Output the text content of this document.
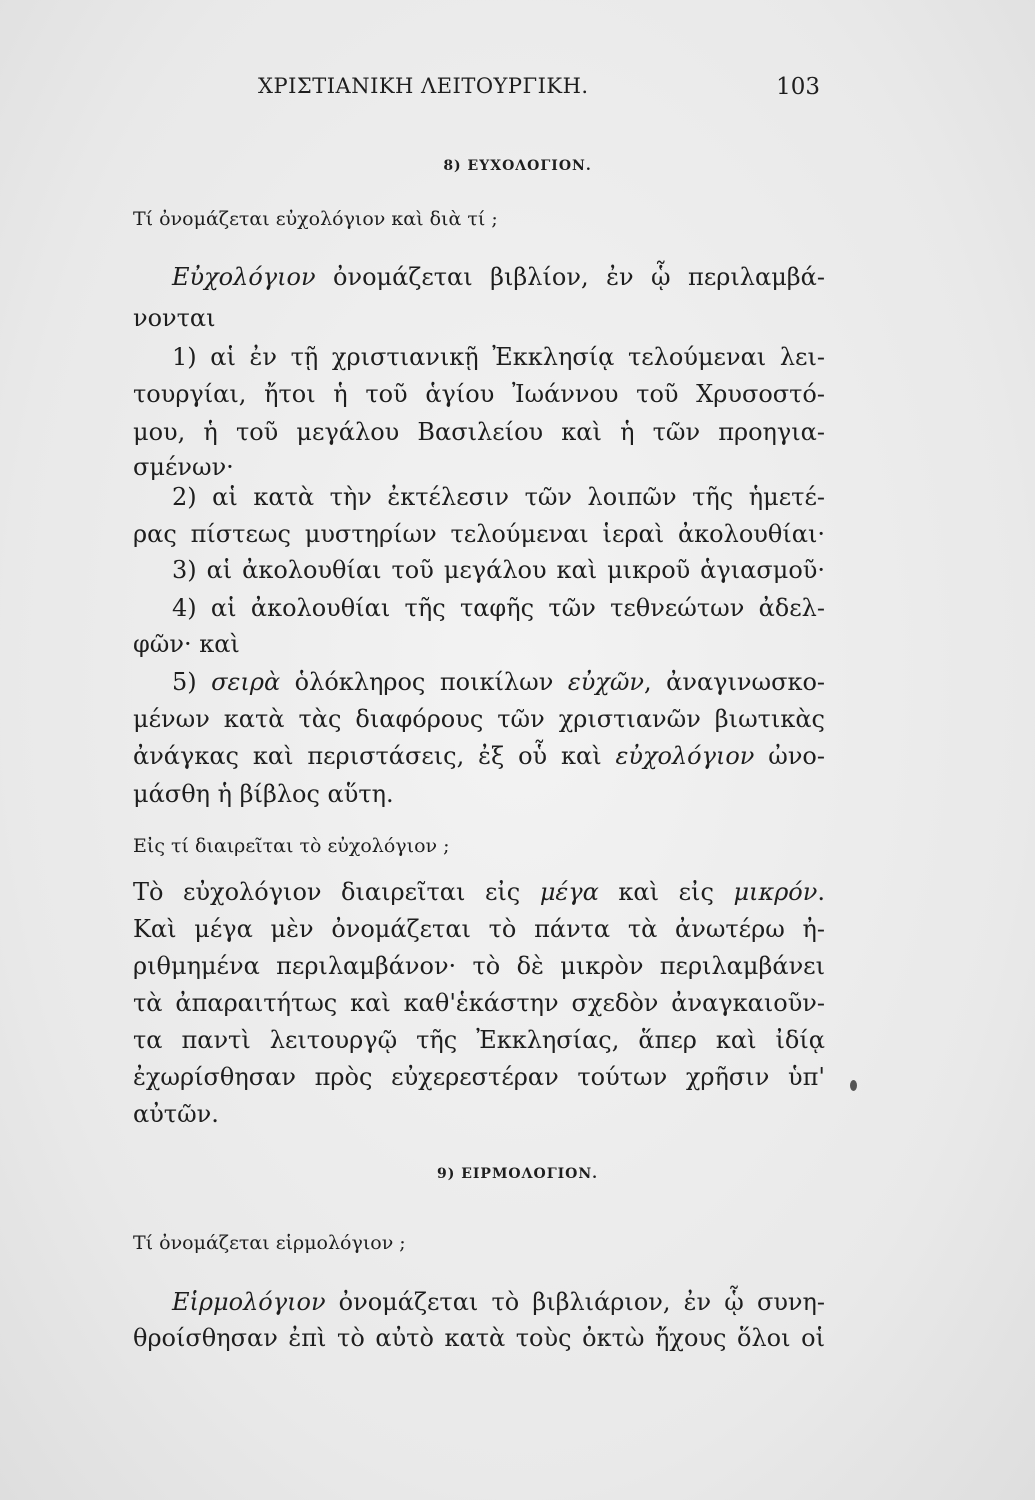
ΧΡΙΣΤΙΑΝΙΚΗ ΛΕΙΤΟΥΡΓΙΚΗ.	103
8) ΕΥΧΟΛΟΓΙΟΝ.
Τί ὀνομάζεται εὐχολόγιον καὶ διὰ τί ;
Εὐχολόγιον ὀνομάζεται βιβλίον, ἐν ᾧ περιλαμβά-
νονται
1) αἱ ἐν τῇ χριστιανικῇ Ἐκκλησίᾳ τελούμεναι λει-
τουργίαι, ἤτοι ἡ τοῦ ἁγίου Ἰωάννου τοῦ Χρυσοστό-
μου, ἡ τοῦ μεγάλου Βασιλείου καὶ ἡ τῶν προηγια-
σμένων·
2) αἱ κατὰ τὴν ἐκτέλεσιν τῶν λοιπῶν τῆς ἡμετέ-
ρας πίστεως μυστηρίων τελούμεναι ἱεραὶ ἀκολουθίαι·
3) αἱ ἀκολουθίαι τοῦ μεγάλου καὶ μικροῦ ἁγιασμοῦ·
4) αἱ ἀκολουθίαι τῆς ταφῆς τῶν τεθνεώτων ἀδελ-
φῶν· καὶ
5) σειρὰ ὁλόκληρος ποικίλων εὐχῶν, ἀναγινωσκο-
μένων κατὰ τὰς διαφόρους τῶν χριστιανῶν βιωτικὰς
ἀνάγκας καὶ περιστάσεις, ἐξ οὗ καὶ εὐχολόγιον ὠνο-
μάσθη ἡ βίβλος αὕτη.
Εἰς τί διαιρεῖται τὸ εὐχολόγιον ;
Τὸ εὐχολόγιον διαιρεῖται εἰς μέγα καὶ εἰς μικρόν.
Καὶ μέγα μὲν ὀνομάζεται τὸ πάντα τὰ ἀνωτέρω ἠ-
ριθμημένα περιλαμβάνον· τὸ δὲ μικρὸν περιλαμβάνει
τὰ ἀπαραιτήτως καὶ καθ'ἑκάστην σχεδὸν ἀναγκαιοῦν-
τα παντὶ λειτουργῷ τῆς Ἐκκλησίας, ἅπερ καὶ ἰδίᾳ
ἐχωρίσθησαν πρὸς εὐχερεστέραν τούτων χρῆσιν ὑπ'
αὐτῶν.
9) ΕΙΡΜΟΛΟΓΙΟΝ.
Τί ὀνομάζεται εἱρμολόγιον ;
Εἱρμολόγιον ὀνομάζεται τὸ βιβλιάριον, ἐν ᾧ συνη-
θροίσθησαν ἐπὶ τὸ αὐτὸ κατὰ τοὺς ὀκτὼ ἤχους ὅλοι οἱ
